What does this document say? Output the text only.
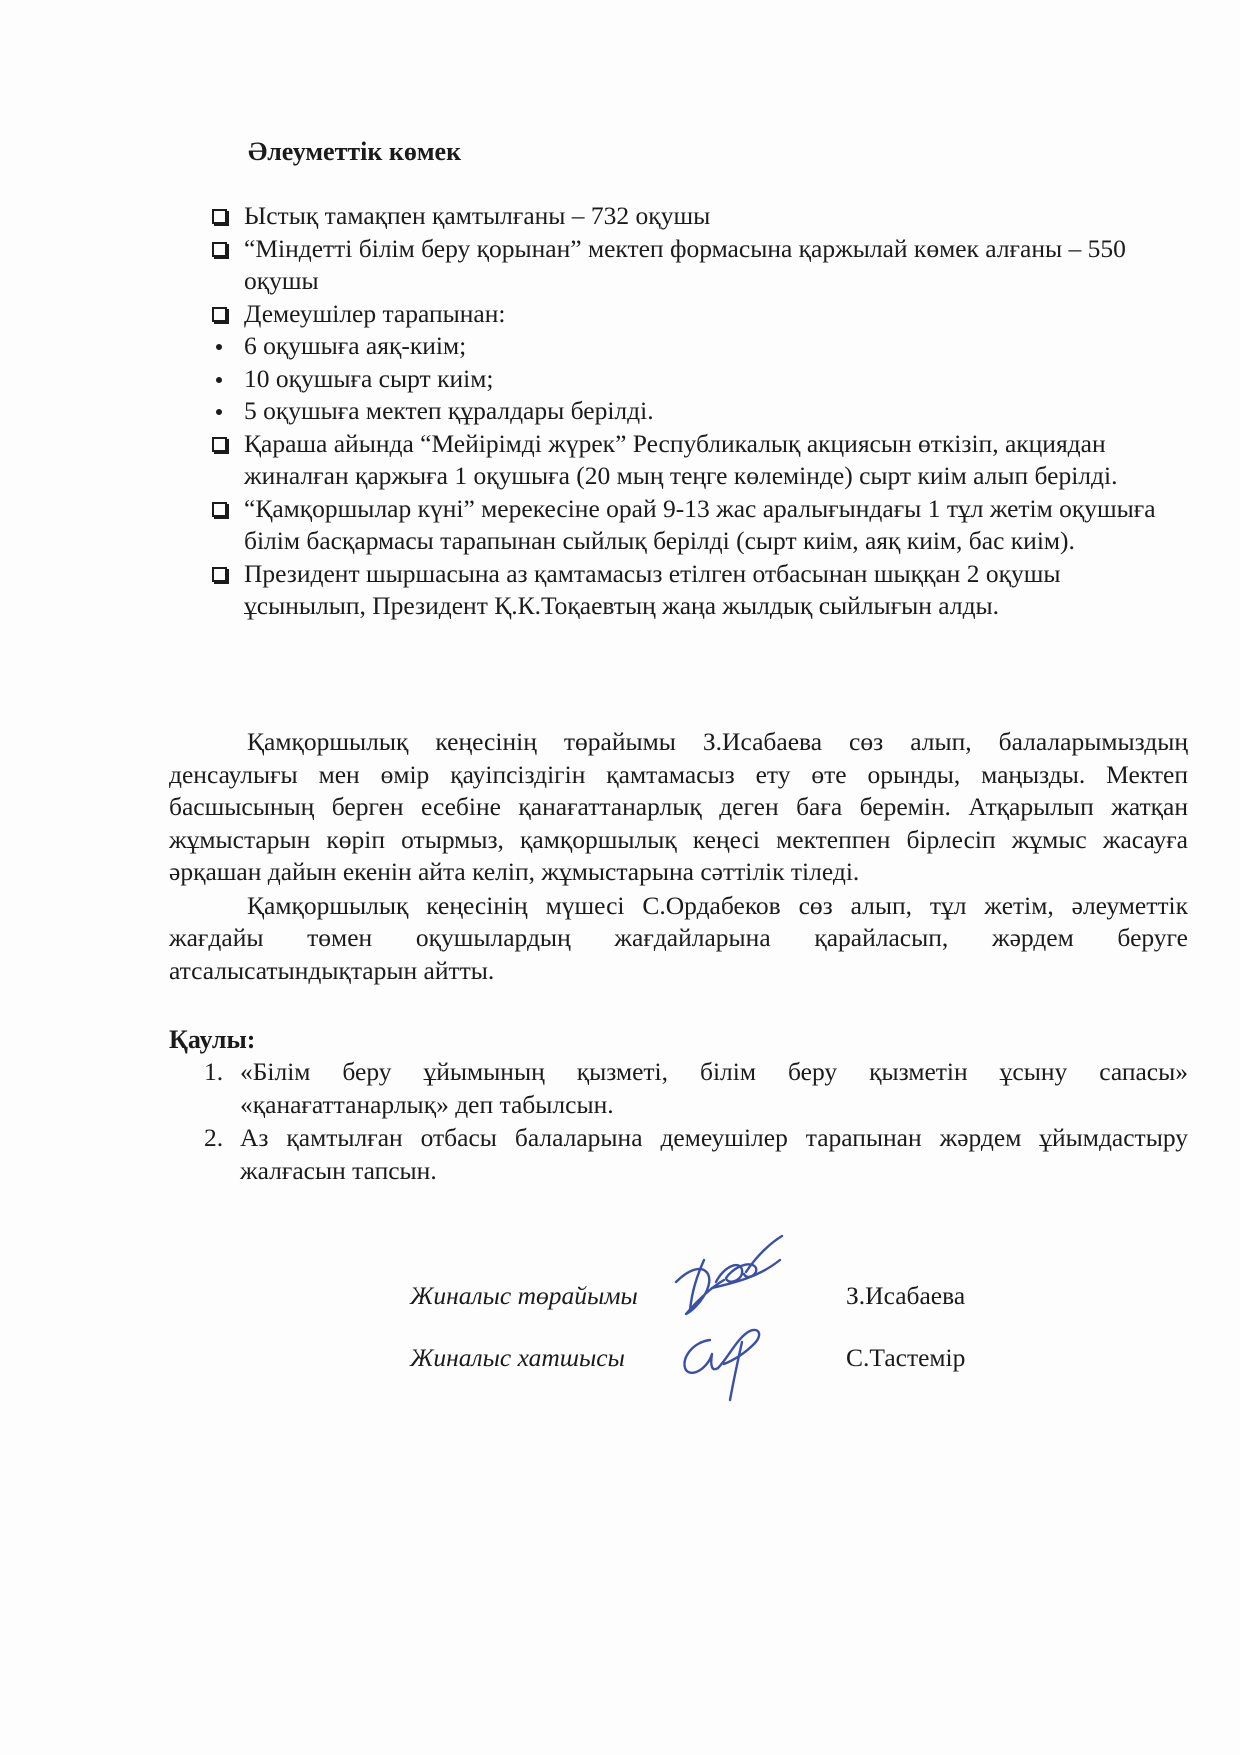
Әлеуметтік көмек
Ыстық тамақпен қамтылғаны – 732 оқушы
“Міндетті білім беру қорынан” мектеп формасына қаржылай көмек алғаны – 550 оқушы
Демеушілер тарапынан:
6 оқушыға аяқ-киім;
10 оқушыға сырт киім;
5 оқушыға мектеп құралдары берілді.
Қараша айында “Мейірімді жүрек” Республикалық акциясын өткізіп, акциядан жиналған қаржыға 1 оқушыға (20 мың теңге көлемінде) сырт киім алып берілді.
“Қамқоршылар күні” мерекесіне орай 9-13 жас аралығындағы 1 тұл жетім оқушыға білім басқармасы тарапынан сыйлық берілді (сырт киім, аяқ киім, бас киім).
Президент шыршасына аз қамтамасыз етілген отбасынан шыққан 2 оқушы ұсынылып, Президент Қ.К.Тоқаевтың жаңа жылдық сыйлығын алды.

Қамқоршылық кеңесінің төрайымы З.Исабаева сөз алып, балаларымыздың денсаулығы мен өмір қауіпсіздігін қамтамасыз ету өте орынды, маңызды. Мектеп басшысының берген есебіне қанағаттанарлық деген баға беремін. Атқарылып жатқан жұмыстарын көріп отырмыз, қамқоршылық кеңесі мектеппен бірлесіп жұмыс жасауға әрқашан дайын екенін айта келіп, жұмыстарына сәттілік тіледі.

Қамқоршылық кеңесінің мүшесі С.Ордабеков сөз алып, тұл жетім, әлеуметтік жағдайы төмен оқушылардың жағдайларына қарайласып, жәрдем беруге атсалысатындықтарын айтты.

Қаулы:
1. «Білім беру ұйымының қызметі, білім беру қызметін ұсыну сапасы» «қанағаттанарлық» деп табылсын.
2. Аз қамтылған отбаcы балаларына демеушілер тарапынан жәрдем ұйымдастыру жалғасын тапсын.
Жиналыс төрайымы	З.Исабаева
Жиналыс хатшысы	С.Тастемір
